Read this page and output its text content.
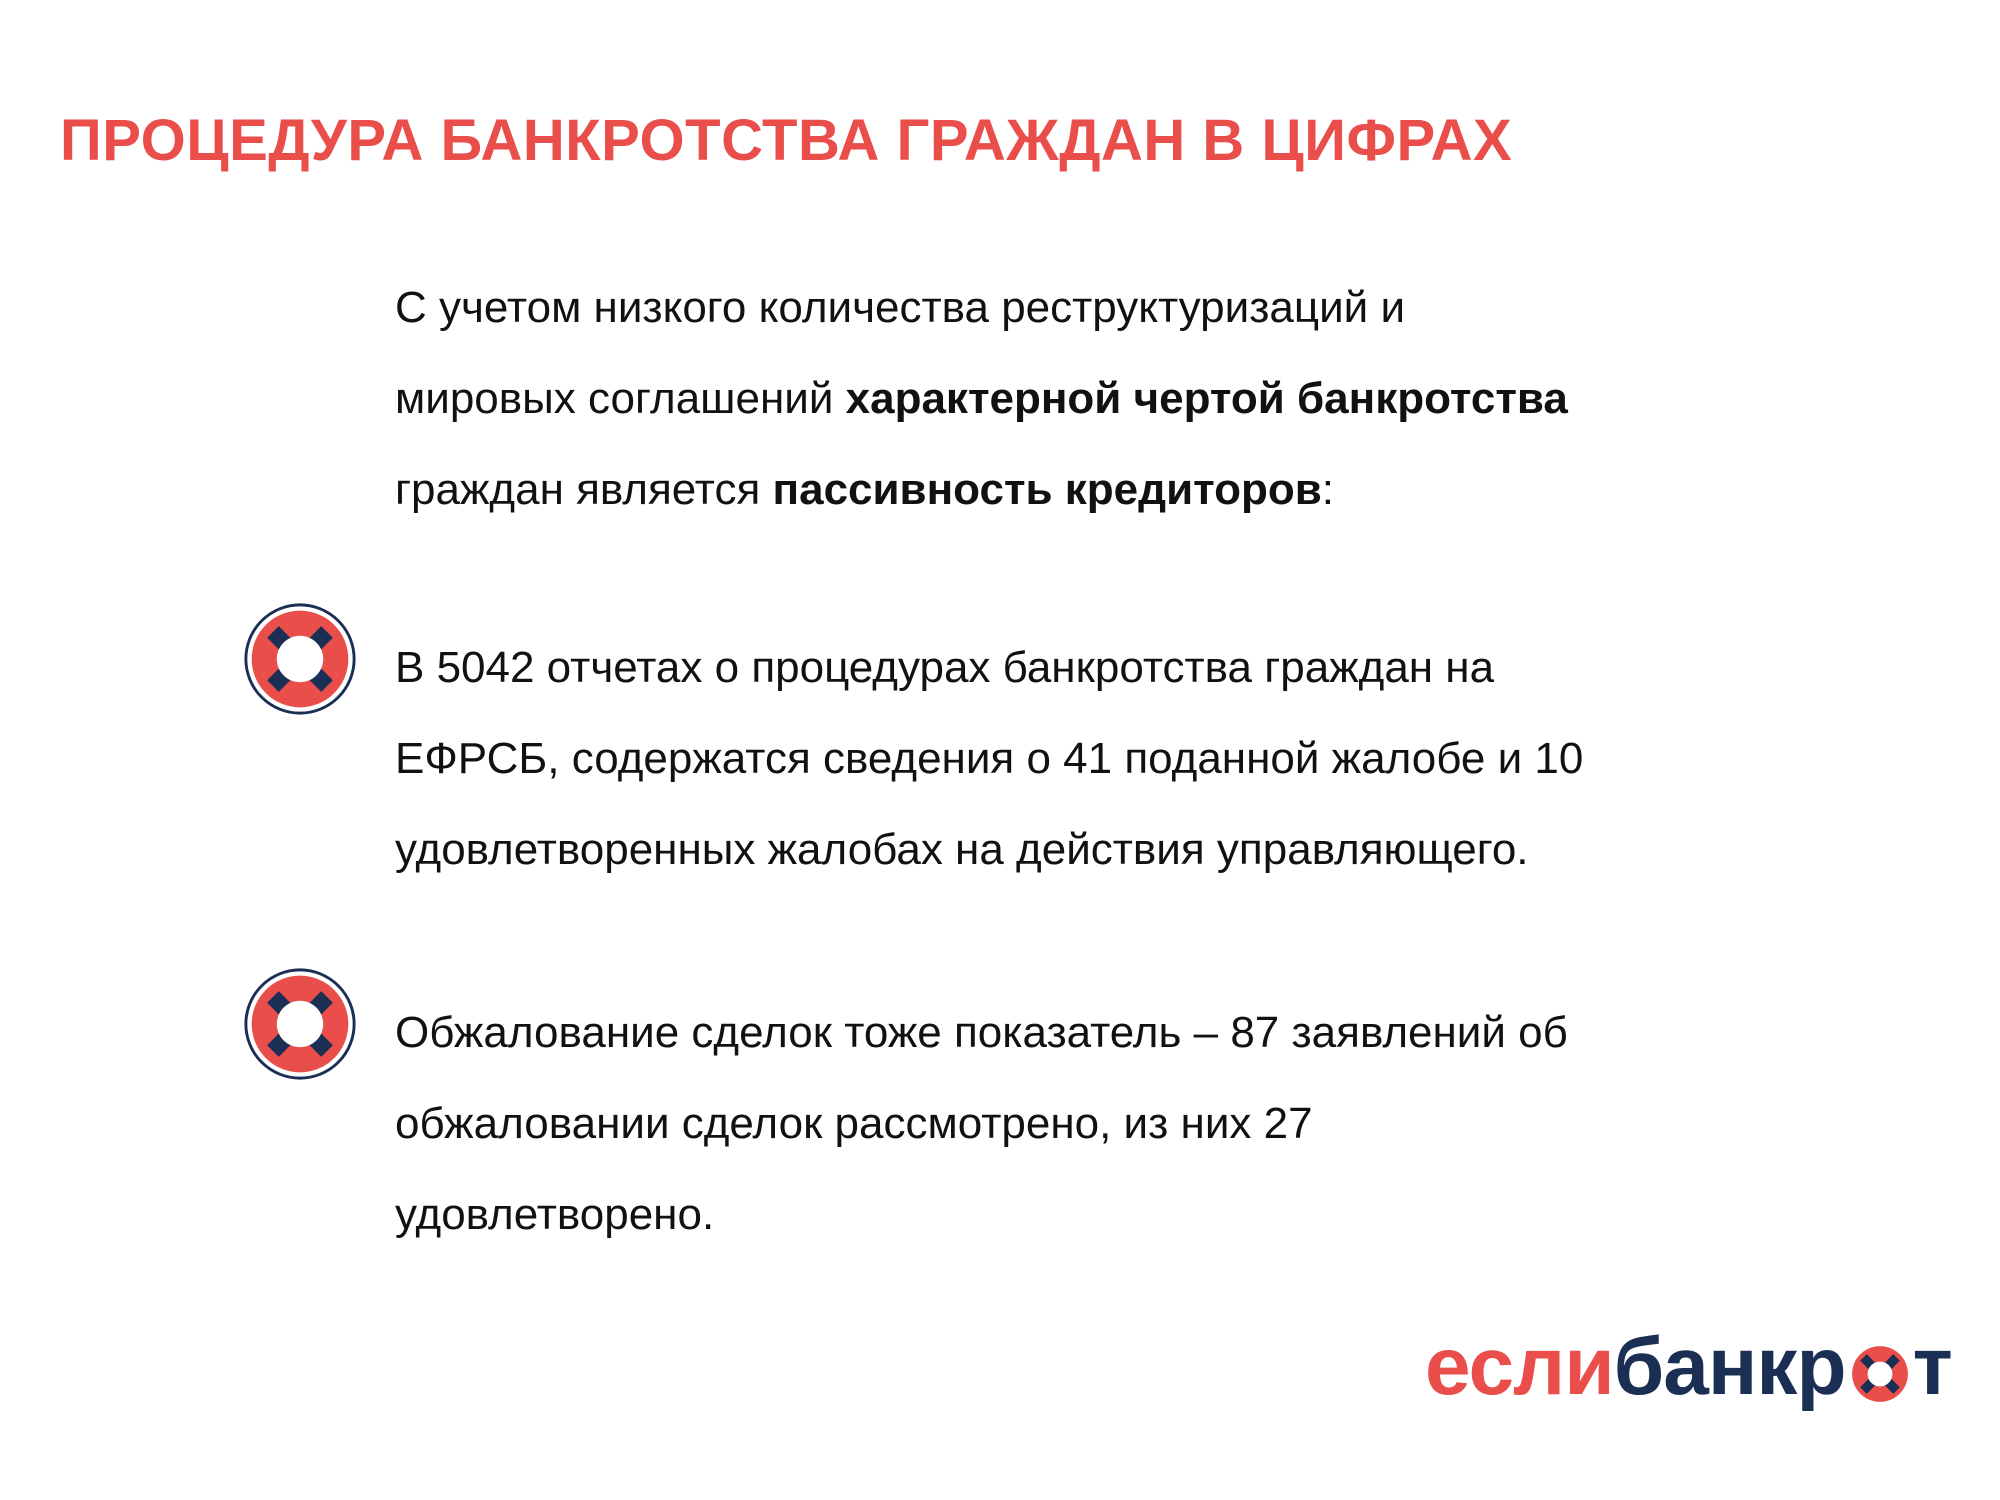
ПРОЦЕДУРА БАНКРОТСТВА ГРАЖДАН В ЦИФРАХ
С учетом низкого количества реструктуризаций и
мировых соглашений характерной чертой банкротства
граждан является пассивность кредиторов:
В 5042 отчетах о процедурах банкротства граждан на
ЕФРСБ, содержатся сведения о 41 поданной жалобе и 10
удовлетворенных жалобах на действия управляющего.
Обжалование сделок тоже показатель – 87 заявлений об
обжаловании сделок рассмотрено, из них 27
удовлетворено.
если банкр т
